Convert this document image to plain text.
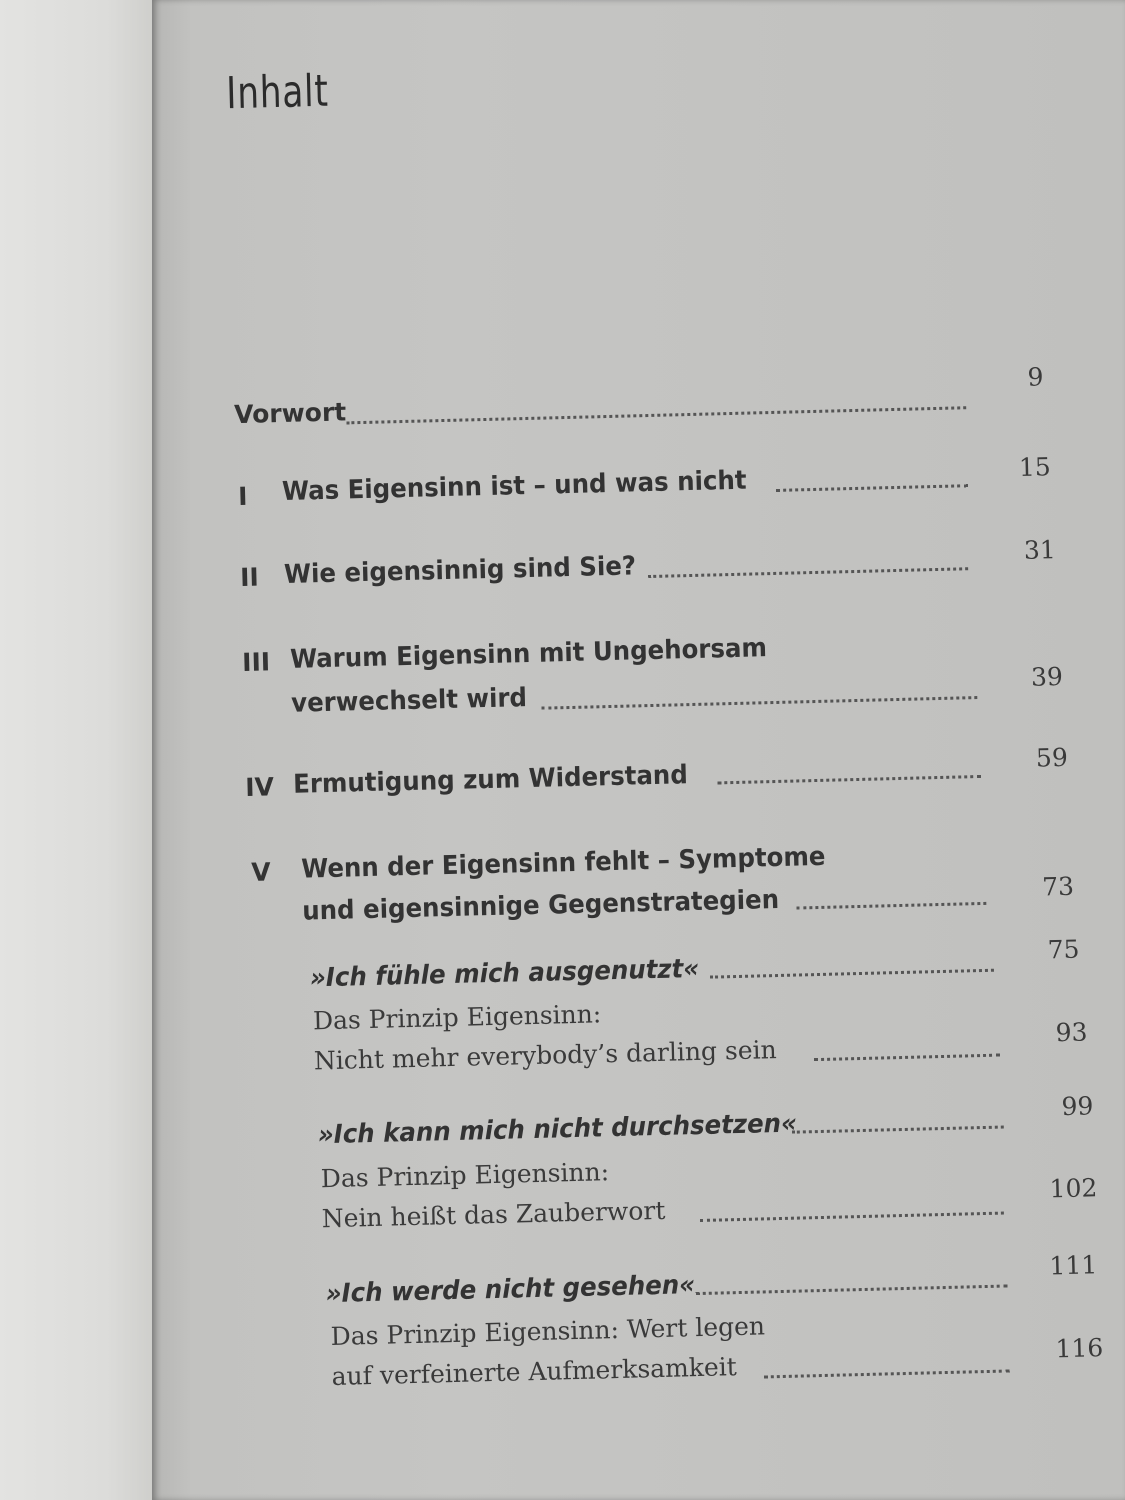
Inhalt
Vorwort
9
I Was Eigensinn ist – und was nicht	15
II Wie eigensinnig sind Sie?
31
III Warum Eigensinn mit Ungehorsam
verwechselt wird
39
IV Ermutigung zum Widerstand
59
V Wenn der Eigensinn fehlt – Symptome
und eigensinnige Gegenstrategien	73
»Ich fühle mich ausgenutzt«
75
Das Prinzip Eigensinn:
Nicht mehr everybody’s darling sein
93
»Ich kann mich nicht durchsetzen«
99
Das Prinzip Eigensinn:
Nein heißt das Zauberwort
102
»Ich werde nicht gesehen«
111
Das Prinzip Eigensinn: Wert legen
auf verfeinerte Aufmerksamkeit
116
